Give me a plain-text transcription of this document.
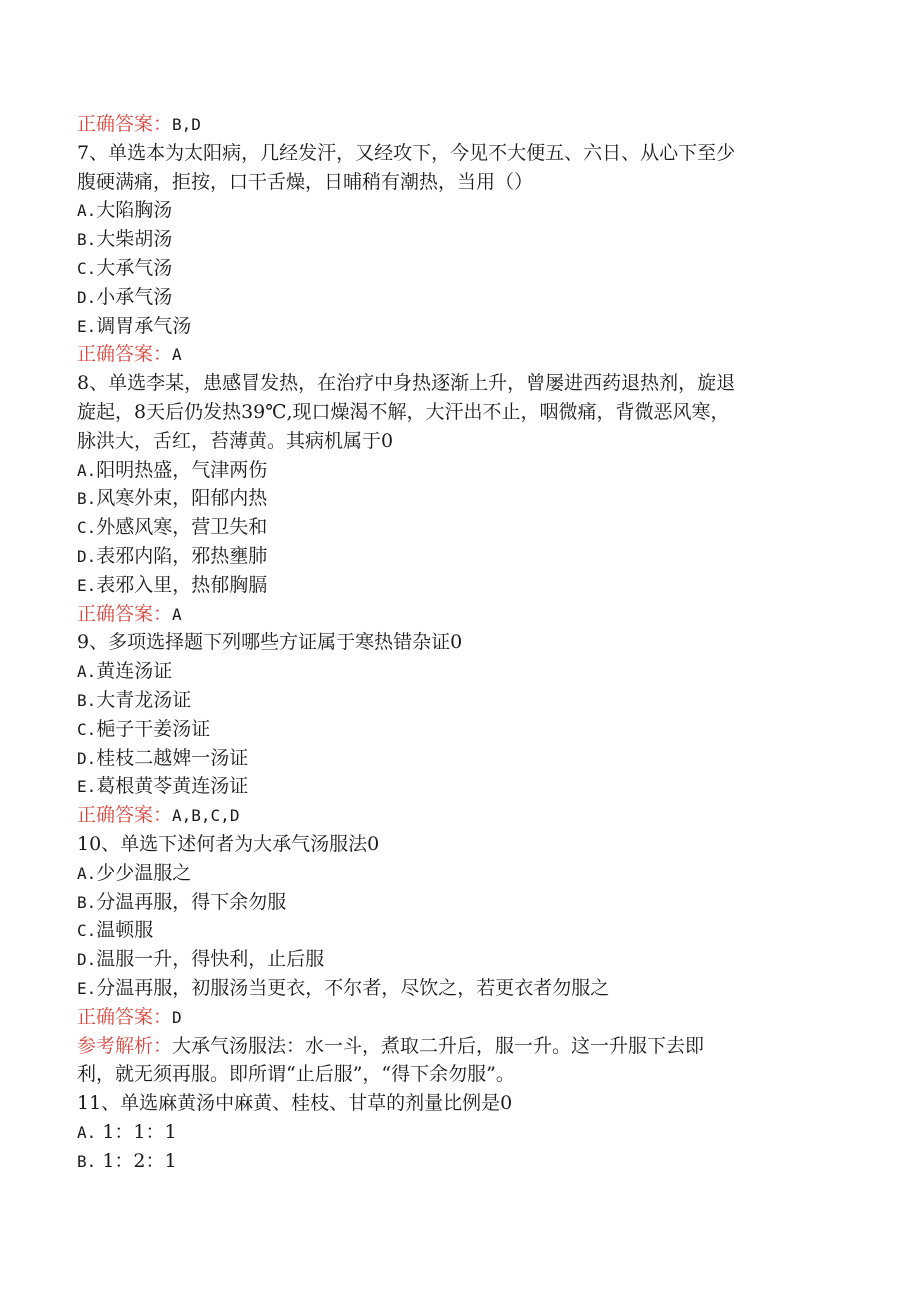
正确答案：B,D
7、单选本为太阳病，几经发汗，又经攻下，今见不大便五、六日、从心下至少
腹硬满痛，拒按，口干舌燥，日晡稍有潮热，当用（）
A.大陷胸汤
B.大柴胡汤
C.大承气汤
D.小承气汤
E.调胃承气汤
正确答案：A
8、单选李某，患感冒发热，在治疗中身热逐渐上升，曾屡进西药退热剂，旋退
旋起，8天后仍发热39℃,现口燥渴不解，大汗出不止，咽微痛，背微恶风寒，
脉洪大，舌红，苔薄黄。其病机属于0
A.阳明热盛，气津两伤
B.风寒外束，阳郁内热
C.外感风寒，营卫失和
D.表邪内陷，邪热壅肺
E.表邪入里，热郁胸膈
正确答案：A
9、多项选择题下列哪些方证属于寒热错杂证0
A.黄连汤证
B.大青龙汤证
C.梔子干姜汤证
D.桂枝二越婢一汤证
E.葛根黄苓黄连汤证
正确答案：A,B,C,D
10、单选下述何者为大承气汤服法0
A.少少温服之
B.分温再服，得下余勿服
C.温顿服
D.温服一升，得快利，止后服
E.分温再服，初服汤当更衣，不尔者，尽饮之，若更衣者勿服之
正确答案：D
参考解析：大承气汤服法：水一斗，煮取二升后，服一升。这一升服下去即
利，就无须再服。即所谓“止后服”，“得下余勿服”。
11、单选麻黄汤中麻黄、桂枝、甘草的剂量比例是0
A. 1：1：1
B. 1：2：1
